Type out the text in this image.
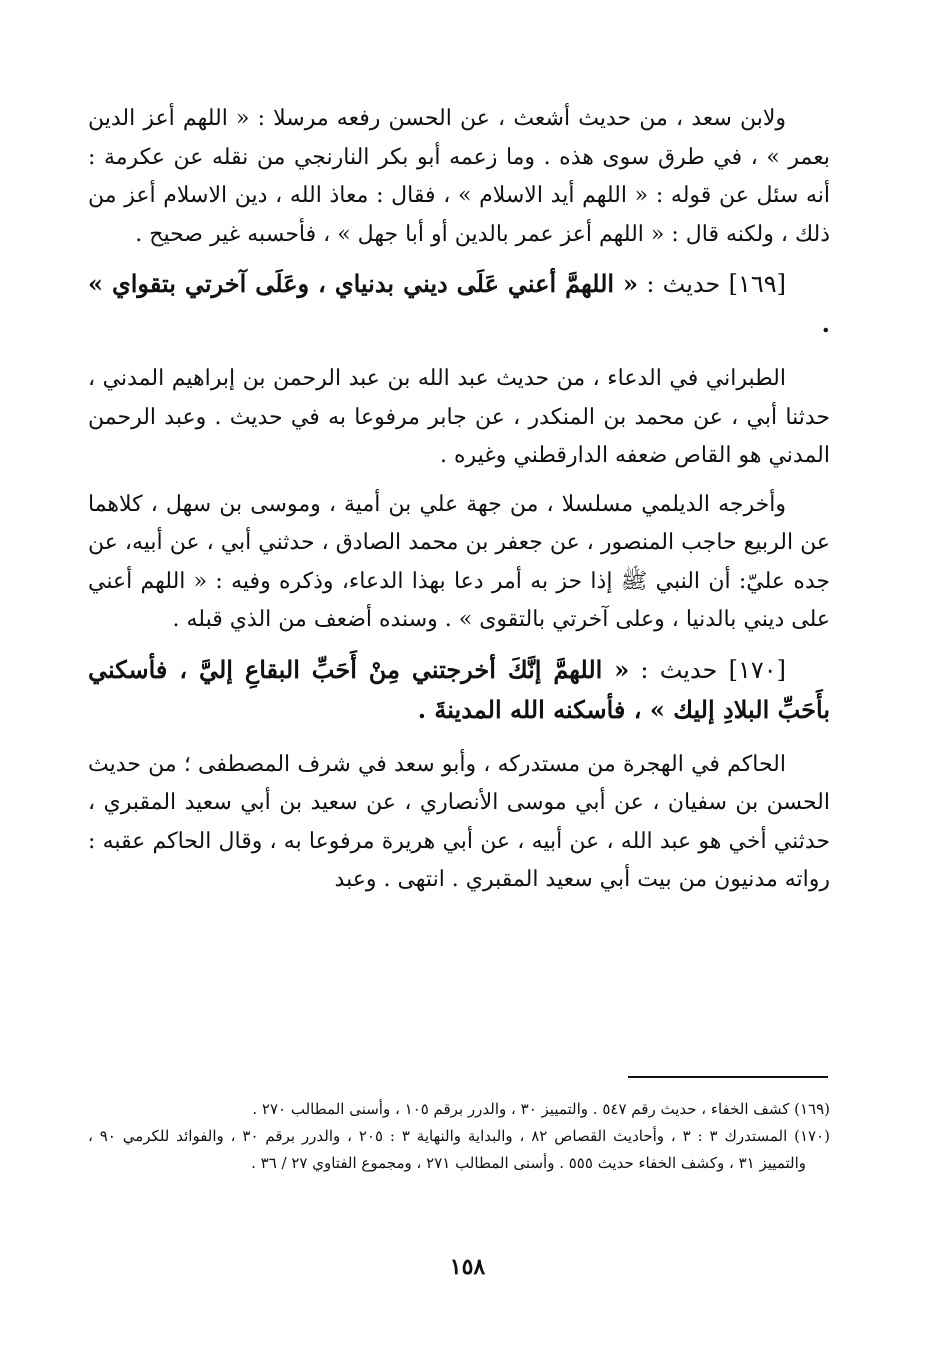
ولابن سعد ، من حديث أشعث ، عن الحسن رفعه مرسلا : « اللهم أعز الدين بعمر » ، في طرق سوى هذه . وما زعمه أبو بكر النارنجي من نقله عن عكرمة : أنه سئل عن قوله : « اللهم أيد الاسلام » ، فقال : معاذ الله ، دين الاسلام أعز من ذلك ، ولكنه قال : « اللهم أعز عمر بالدين أو أبا جهل » ، فأحسبه غير صحيح .

[١٦٩] حديث : « اللهمَّ أعني عَلَى ديني بدنياي ، وعَلَى آخرتي بتقواي » .

الطبراني في الدعاء ، من حديث عبد الله بن عبد الرحمن بن إبراهيم المدني ، حدثنا أبي ، عن محمد بن المنكدر ، عن جابر مرفوعا به في حديث . وعبد الرحمن المدني هو القاص ضعفه الدارقطني وغيره .

وأخرجه الديلمي مسلسلا ، من جهة علي بن أمية ، وموسى بن سهل ، كلاهما عن الربيع حاجب المنصور ، عن جعفر بن محمد الصادق ، حدثني أبي ، عن أبيه، عن جده عليّ: أن النبي ﷺ إذا حز به أمر دعا بهذا الدعاء، وذكره وفيه : « اللهم أعني على ديني بالدنيا ، وعلى آخرتي بالتقوى » . وسنده أضعف من الذي قبله .

[١٧٠] حديث : « اللهمَّ إنَّكَ أخرجتني مِنْ أَحَبِّ البقاعِ إليَّ ، فأسكني بأَحَبِّ البلادِ إليك » ، فأسكنه الله المدينةَ .

الحاكم في الهجرة من مستدركه ، وأبو سعد في شرف المصطفى ؛ من حديث الحسن بن سفيان ، عن أبي موسى الأنصاري ، عن سعيد بن أبي سعيد المقبري ، حدثني أخي هو عبد الله ، عن أبيه ، عن أبي هريرة مرفوعا به ، وقال الحاكم عقبه : رواته مدنيون من بيت أبي سعيد المقبري . انتهى . وعبد

(١٦٩) كشف الخفاء ، حديث رقم ٥٤٧ . والتمييز ٣٠ ، والدرر برقم ١٠٥ ، وأسنى المطالب ٢٧٠ .

(١٧٠) المستدرك ٣ : ٣ ، وأحاديث القصاص ٨٢ ، والبداية والنهاية ٣ : ٢٠٥ ، والدرر برقم ٣٠ ، والفوائد للكرمي ٩٠ ، والتمييز ٣١ ، وكشف الخفاء حديث ٥٥٥ . وأسنى المطالب ٢٧١ ، ومجموع الفتاوي ٢٧ / ٣٦ .

١٥٨
